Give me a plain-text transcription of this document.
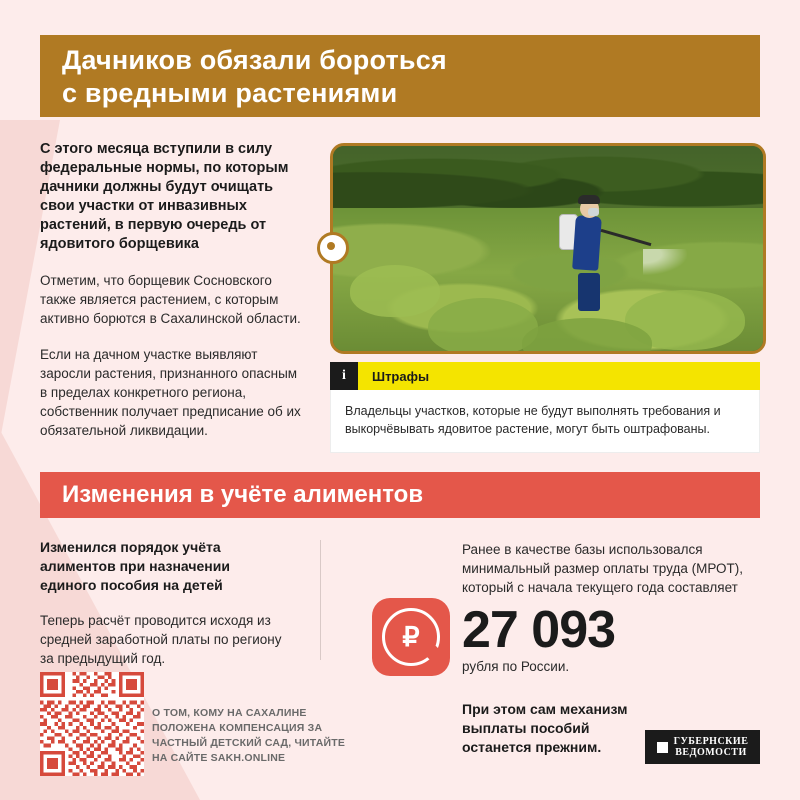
Дачников обязали бороться
с вредными растениями
С этого месяца вступили в силу федеральные нормы, по которым дачники должны будут очищать свои участки от инвазивных растений, в первую очередь от ядовитого борщевика
Отметим, что борщевик Сосновского также является растением, с которым активно борются в Сахалинской области.
Если на дачном участке выявляют заросли растения, признанного опасным в пределах конкретного региона, собственник получает предписание об их обязательной ликвидации.
i	Штрафы
Владельцы участков, которые не будут выполнять требования и выкорчёвывать ядовитое растение, могут быть оштрафованы.
Изменения в учёте алиментов
Изменился порядок учёта алиментов при назначении единого пособия на детей
Теперь расчёт проводится исходя из средней заработной платы по региону за предыдущий год.
₽
Ранее в качестве базы использовался минимальный размер оплаты труда (МРОТ), который с начала текущего года составляет
27 093
рубля по России.
При этом сам механизм выплаты пособий останется прежним.
О ТОМ, КОМУ НА САХАЛИНЕ ПОЛОЖЕНА КОМПЕНСАЦИЯ ЗА ЧАСТНЫЙ ДЕТСКИЙ САД, ЧИТАЙТЕ НА САЙТЕ SAKH.ONLINE
ГУБЕРНСКИЕ
ВЕДОМОСТИ
